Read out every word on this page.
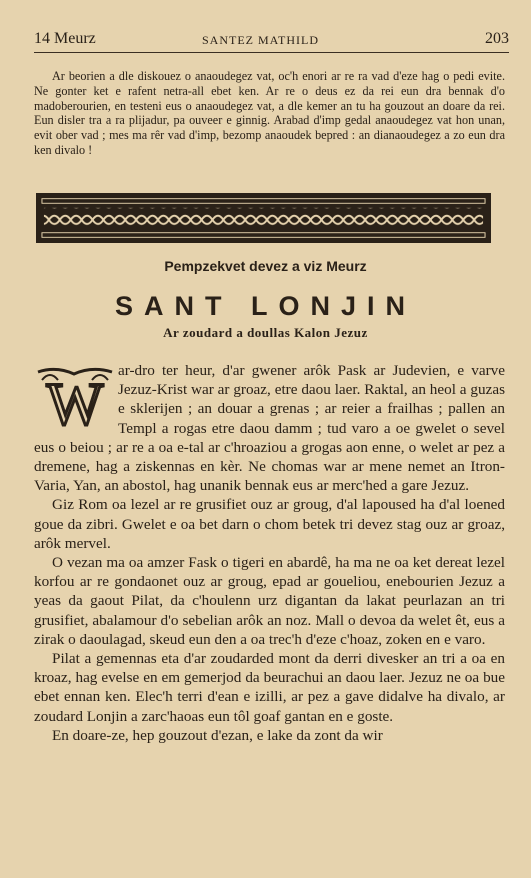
14 Meurz	SANTEZ MATHILD	203

Ar beorien a dle diskouez o anaoudegez vat, oc'h enori ar re ra vad d'eze hag o pedi evite. Ne gonter ket e rafent netra-all ebet ken. Ar re o deus ez da rei eun dra bennak d'o madoberourien, en testeni eus o anaoudegez vat, a dle kemer an tu ha gouzout an doare da rei. Eun disler tra a ra plijadur, pa ouveer e ginnig. Arabad d'imp gedal anaoudegez vat hon unan, evit ober vad ; mes ma rêr vad d'imp, bezomp anaoudek bepred : an dianaoudegez a zo eun dra ken divalo !

Pempzekvet devez a viz Meurz
SANT LONJIN
Ar zoudard a doullas Kalon Jezuz
W

ar-dro ter heur, d'ar gwener arôk Pask ar Judevien, e varve Jezuz-Krist war ar groaz, etre daou laer. Raktal, an heol a guzas e sklerijen ; an douar a grenas ; ar reier a frailhas ; pallen an Templ a rogas etre daou damm ; tud varo a oe gwelet o sevel eus o beiou ; ar re a oa e-tal ar c'hroaziou a grogas aon enne, o welet ar pez a dremene, hag a ziskennas en kèr. Ne chomas war ar mene nemet an Itron-Varia, Yan, an abostol, hag unanik bennak eus ar merc'hed a gare Jezuz.

Giz Rom oa lezel ar re grusifiet ouz ar groug, d'al lapoused ha d'al loened goue da zibri. Gwelet e oa bet darn o chom betek tri devez stag ouz ar groaz, arôk mervel.

O vezan ma oa amzer Fask o tigeri en abardê, ha ma ne oa ket dereat lezel korfou ar re gondaonet ouz ar groug, epad ar goueliou, enebourien Jezuz a yeas da gaout Pilat, da c'houlenn urz digantan da lakat peurlazan an tri grusifiet, abalamour d'o sebelian arôk an noz. Mall o devoa da welet êt, eus a zirak o daoulagad, skeud eun den a oa trec'h d'eze c'hoaz, zoken en e varo.

Pilat a gemennas eta d'ar zoudarded mont da derri divesker an tri a oa en kroaz, hag evelse en em gemerjod da beurachui an daou laer. Jezuz ne oa bue ebet ennan ken. Elec'h terri d'ean e izilli, ar pez a gave didalve ha divalo, ar zoudard Lonjin a zarc'haoas eun tôl goaf gantan en e goste.

En doare-ze, hep gouzout d'ezan, e lake da zont da wir
